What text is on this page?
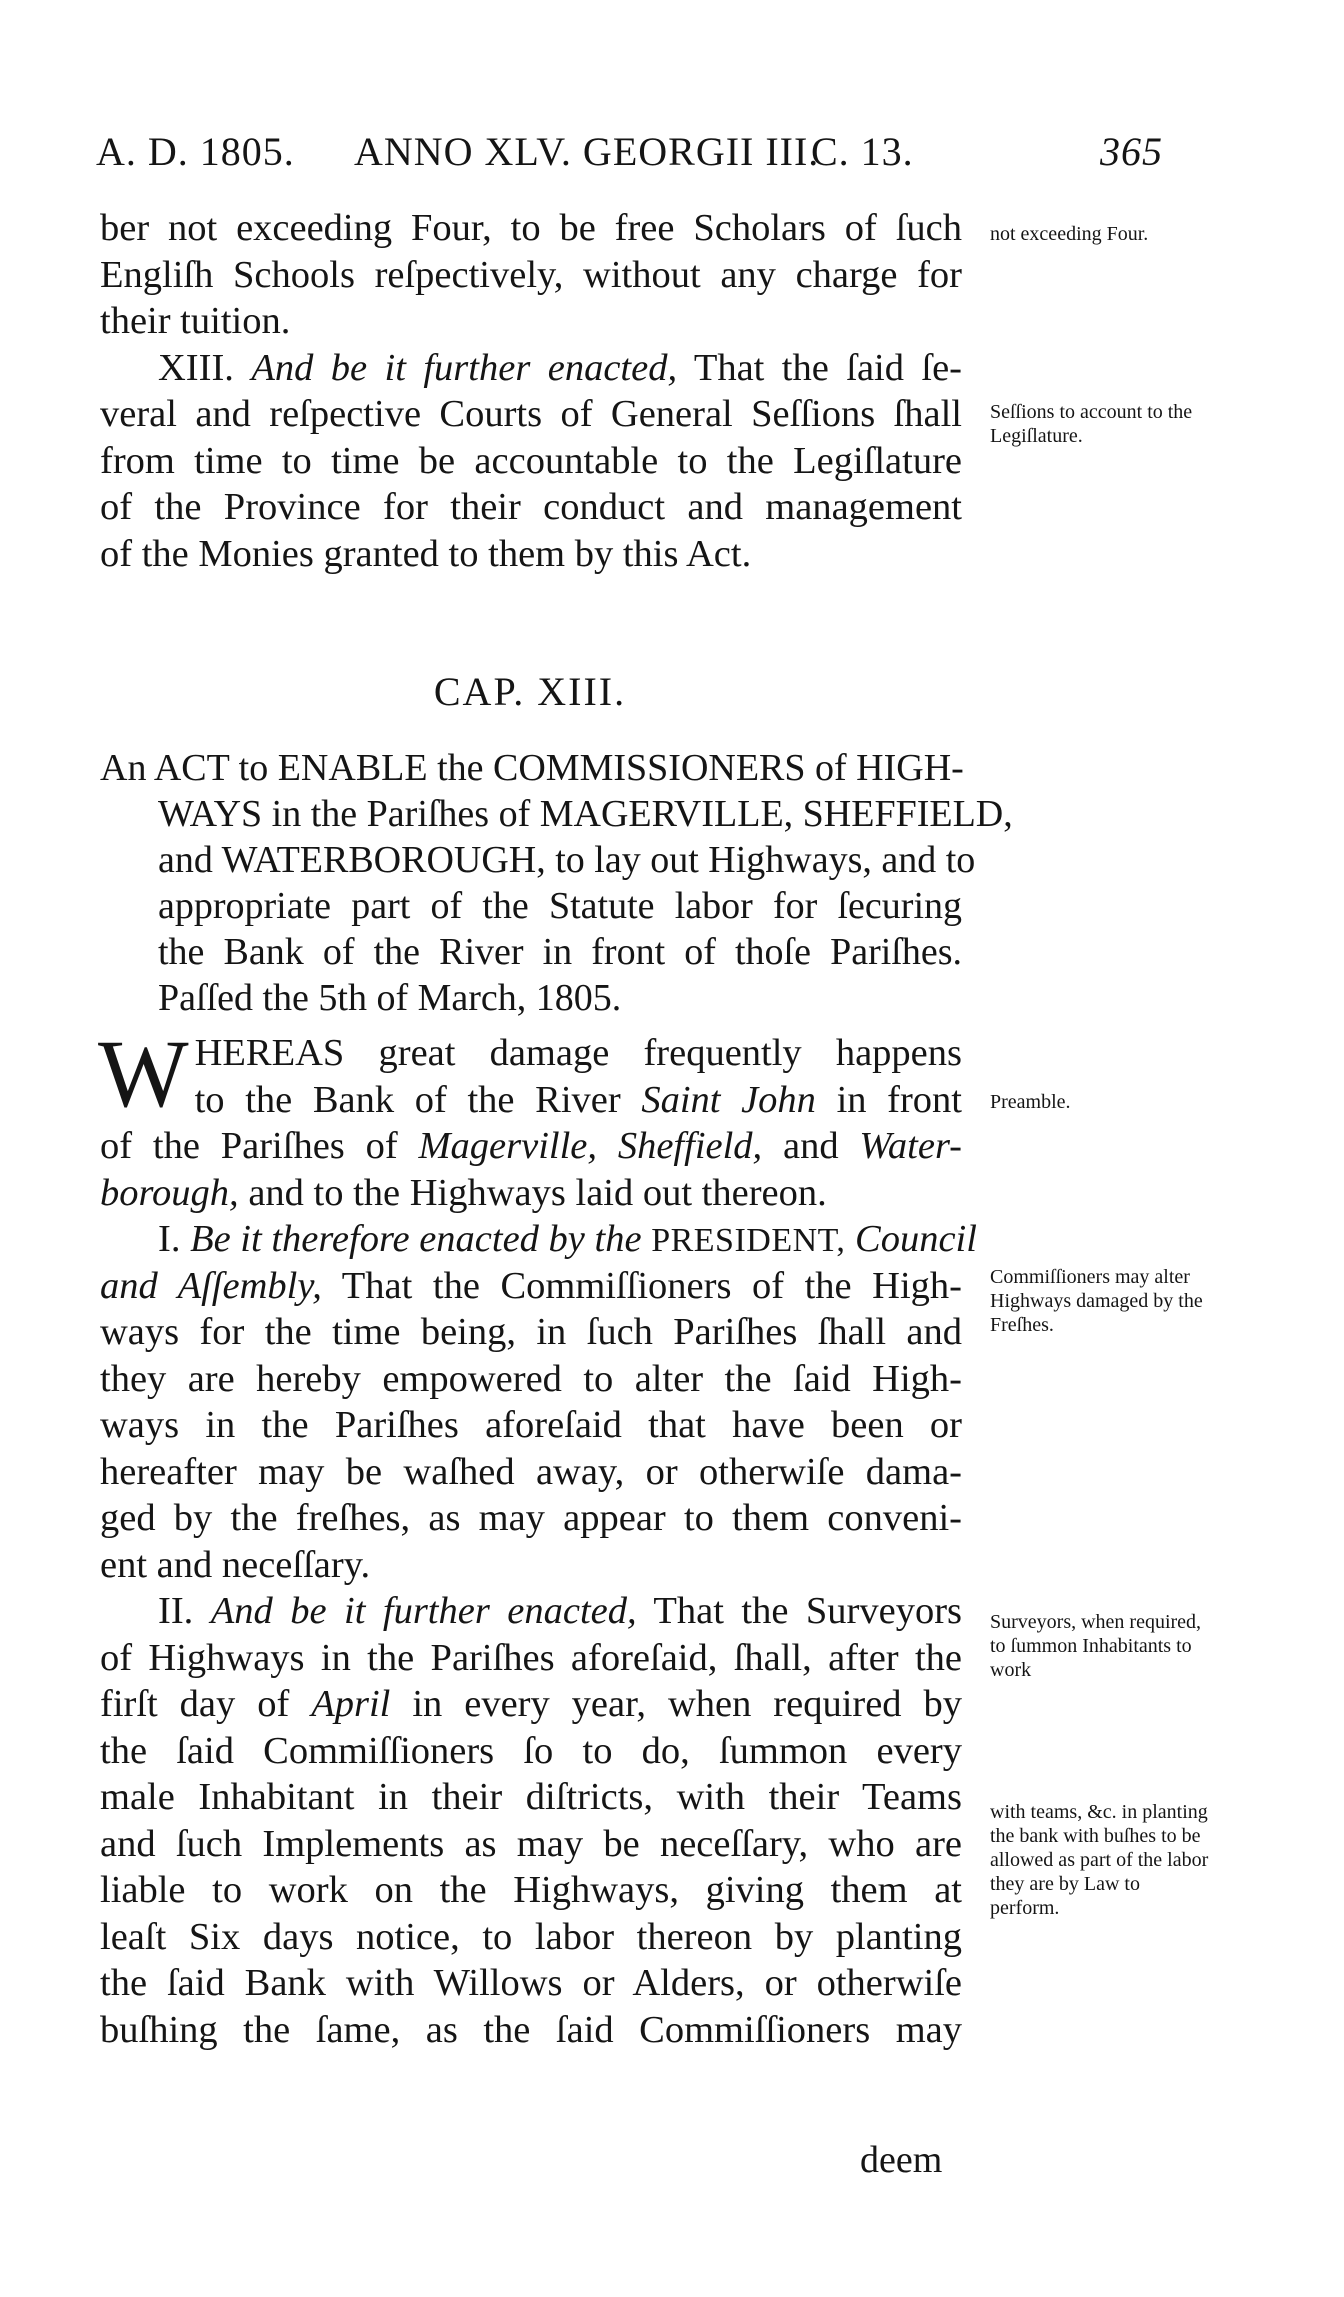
A. D. 1805. ANNO XLV. GEORGII III.
C. 13.	365
ber not exceeding Four, to be free Scholars of ſuch
Engliſh Schools reſpectively, without any charge for
their tuition.
XIII. And be it further enacted, That the ſaid ſe-
veral and reſpective Courts of General Seſſions ſhall
from time to time be accountable to the Legiſlature
of the Province for their conduct and management
of the Monies granted to them by this Act.
CAP. XIII.
An ACT to ENABLE the COMMISSIONERS of HIGH-
WAYS in the Pariſhes of MAGERVILLE, SHEFFIELD,
and WATERBOROUGH, to lay out Highways, and to
appropriate part of the Statute labor for ſecuring
the Bank of the River in front of thoſe Pariſhes.
Paſſed the 5th of March, 1805.
W HEREAS great damage frequently happens
to the Bank of the River Saint John in front
of the Pariſhes of Magerville, Sheffield, and Water-
borough, and to the Highways laid out thereon.
I. Be it therefore enacted by the PRESIDENT, Council
and Aſſembly, That the Commiſſioners of the High-
ways for the time being, in ſuch Pariſhes ſhall and
they are hereby empowered to alter the ſaid High-
ways in the Pariſhes aforeſaid that have been or
hereafter may be waſhed away, or otherwiſe dama-
ged by the freſhes, as may appear to them conveni-
ent and neceſſary.
II. And be it further enacted, That the Surveyors
of Highways in the Pariſhes aforeſaid, ſhall, after the
firſt day of April in every year, when required by
the ſaid Commiſſioners ſo to do, ſummon every
male Inhabitant in their diſtricts, with their Teams
and ſuch Implements as may be neceſſary, who are
liable to work on the Highways, giving them at
leaſt Six days notice, to labor thereon by planting
the ſaid Bank with Willows or Alders, or otherwiſe
buſhing the ſame, as the ſaid Commiſſioners may
deem
not exceeding Four.
Seſſions to account to the Legiſlature.
Preamble.
Commiſſioners may alter Highways damaged by the Freſhes.
Surveyors, when required, to ſummon Inhabitants to work
with teams, &c. in planting the bank with buſhes to be allowed as part of the labor they are by Law to perform.
